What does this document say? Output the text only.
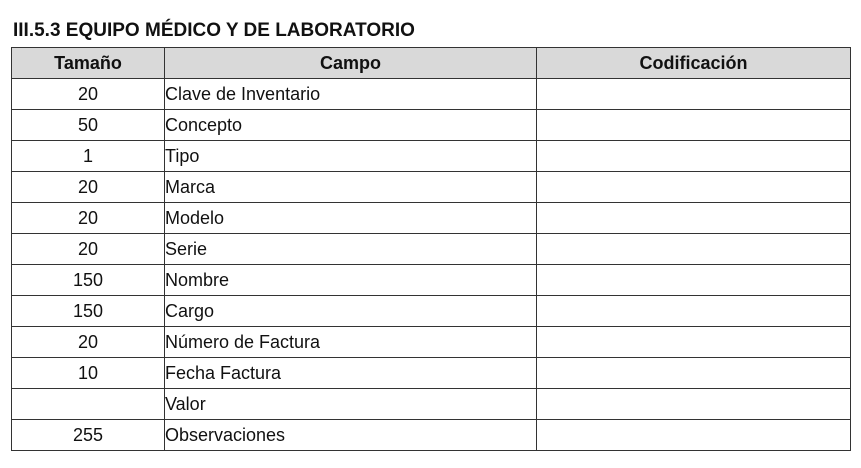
III.5.3 EQUIPO MÉDICO Y DE LABORATORIO
Tamaño	Campo	Codificación
20	Clave de Inventario	
50	Concepto	
1	Tipo	
20	Marca	
20	Modelo	
20	Serie	
150	Nombre	
150	Cargo	
20	Número de Factura	
10	Fecha Factura	
	Valor	
255	Observaciones	
